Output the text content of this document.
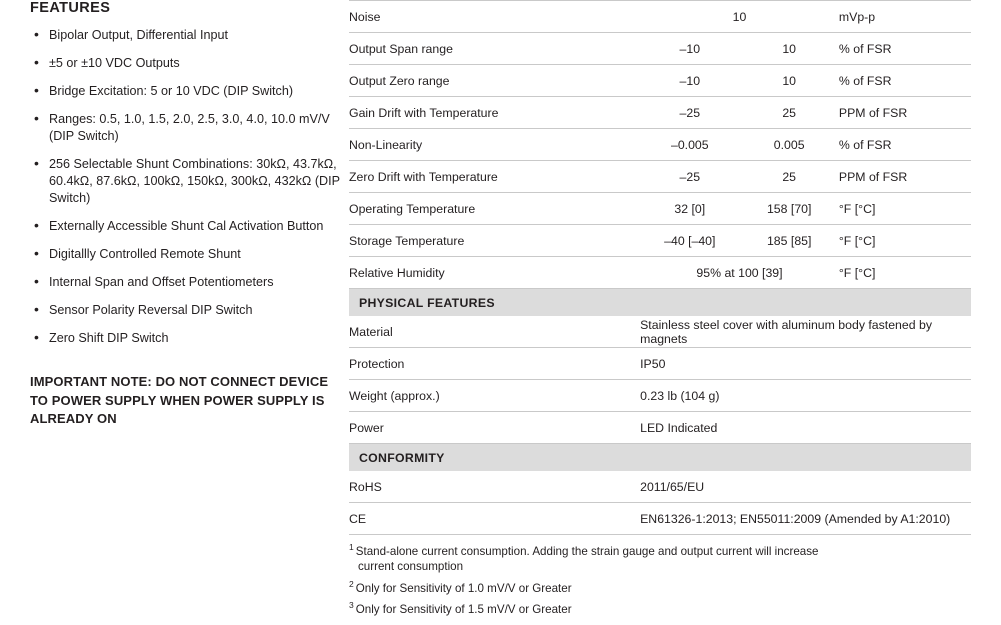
FEATURES
• Bipolar Output, Differential Input
• ±5 or ±10 VDC Outputs
• Bridge Excitation: 5 or 10 VDC (DIP Switch)
• Ranges: 0.5, 1.0, 1.5, 2.0, 2.5, 3.0, 4.0, 10.0 mV/V (DIP Switch)
• 256 Selectable Shunt Combinations: 30kΩ, 43.7kΩ, 60.4kΩ, 87.6kΩ, 100kΩ, 150kΩ, 300kΩ, 432kΩ (DIP Switch)
• Externally Accessible Shunt Cal Activation Button
• Digitallly Controlled Remote Shunt
• Internal Span and Offset Potentiometers
• Sensor Polarity Reversal DIP Switch
• Zero Shift DIP Switch
IMPORTANT NOTE: DO NOT CONNECT DEVICE TO POWER SUPPLY WHEN POWER SUPPLY IS ALREADY ON
Noise	10		mVp-p
Output Span range	–10	10	% of FSR
Output Zero range	–10	10	% of FSR
Gain Drift with Temperature	–25	25	PPM of FSR
Non-Linearity	–0.005	0.005	% of FSR
Zero Drift with Temperature	–25	25	PPM of FSR
Operating Temperature	32 [0]	158 [70]	°F [°C]
Storage Temperature	–40 [–40]	185 [85]	°F [°C]
Relative Humidity	95% at 100 [39]		°F [°C]
PHYSICAL FEATURES			
Material	Stainless steel cover with aluminum body fastened by magnets		
Protection	IP50		
Weight (approx.)	0.23 lb (104 g)		
Power	LED Indicated		
CONFORMITY			
RoHS	2011/65/EU		
CE	EN61326-1:2013; EN55011:2009 (Amended by A1:2010)		
$^1$ Stand-alone current consumption. Adding the strain gauge and output current will increase
current consumption
$^2$ Only for Sensitivity of 1.0 mV/V or Greater
$^3$ Only for Sensitivity of 1.5 mV/V or Greater
